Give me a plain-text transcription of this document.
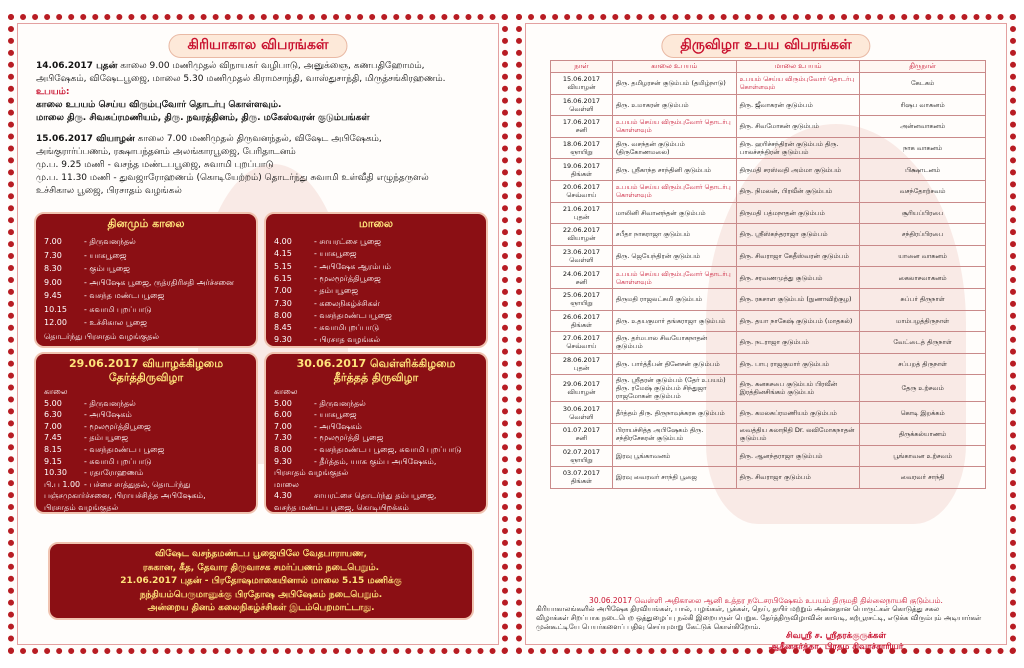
கிரியாகால விபரங்கள்
14.06.2017 புதன் காலை 9.00 மணிமுதல் விநாயகர் வழிபாடு, அனுக்ஞை, கணபதிஹோமம்,
அபிஷேகம், விஷேடபூஜை, மாலை 5.30 மணிமுதல் கிராமசாந்தி, வாஸ்துசாந்தி, மிருத்சங்கிரஹணம்.
உபயம்:
காலை உபயம் செய்ய விரும்புவோர் தொடர்பு கொள்ளவும்.
மாலை திரு. சிவசுப்ரமணியம், திரு. நவரத்தினம், திரு. மகேஸ்வரன் குடும்பங்கள்
15.06.2017 வியாழன் காலை 7.00 மணிமுதல் திருவனந்தல், விஷேட அபிஷேகம்,
அங்குரார்ப்பணம், ரக்ஷாபந்தனம் அலங்காரபூஜை, பேரிதாடனம்
மு.ப. 9.25 மணி - வசந்த மண்டபபூஜை, சுவாமி புறப்பாடு
மு.ப. 11.30 மணி - துவஜாரோஹணம் (கொடியேற்றம்) தொடர்ந்து சுவாமி உள்வீதி எழுந்தருளல்
உச்சிகால பூஜை, பிரசாதம் வழங்கல்
தினமும் காலை
7.00	- திருவனந்தல்
7.30	- யாகபூஜை
8.30	- கும்பபூஜை
9.00	- அபிஷேக பூஜை, ருத்ரதிரிசதி அர்ச்சனை
9.45	- வசந்த மண்டபபூஜை
10.15 - சுவாமி புறப்பாடு
12.00 - உச்சிகால பூஜை
தொடர்ந்து பிரசாதம் வழங்குதல்
மாலை
4.00	- சாயரட்சை பூஜை
4.15	- யாகபூஜை
5.15	- அபிஷேக ஆரம்பம்
6.15	- மூலமூர்த்திபூஜை
7.00	- தம்பபூஜை
7.30	- கலைநிகழ்ச்சிகள்
8.00	- வசந்தமண்டபபூஜை
8.45	- சுவாமிபுறப்பாடு
9.30	- பிரசாத வழங்கல்
29.06.2017 வியாழக்கிழமை
தேர்த்திருவிழா
காலை
5.00	- திருவனந்தல்
6.30	- அபிஷேகம்
7.00	- மூலமூர்த்திபூஜை
7.45	- தம்பபூஜை
8.15	- வசந்தமண்டப பூஜை
9.15	- சுவாமி புறப்பாடு
10.30 - ரதாரோஹணம்
பி.ப 1.00 - பச்சை சாத்துதல், தொடர்ந்து
பஞ்சமுகார்ச்சனை, பிராயச்சித்த அபிஷேகம்,
பிரசாதம் வழங்குதல்
30.06.2017 வெள்ளிக்கிழமை
தீர்த்தத் திருவிழா
காலை
5.00	- திருவனந்தல்
6.00	- யாகபூஜை
7.00	- அபிஷேகம்
7.30	- மூலமூர்த்தி பூஜை
8.00	- வசந்தமண்டப பூஜை, சுவாமி புறப்பாடு
9.30	- தீர்த்தம், யாக கும்ப அபிஷேகம்,
பிரசாதம் வழங்குதல்
மாலை
4.30	சாயரட்சை தொடர்ந்து தம்பபூஜை,
வசந்த மண்டப பூஜை, கொடியிறக்கம்
விஷேட வசந்தமண்டப பூஜையிலே வேதபாராயண,
ரசுகான, கீத, தேவார திருவாசக சமர்ப்பணம் நடைபெறும்.
21.06.2017 புதன் - பிரதோஷமாகையினால் மாலை 5.15 மணிக்கு
நந்தியம்பெருமானுக்கு பிரதோஷ அபிஷேகம் நடைபெறும்.
அன்றைய தினம் கலைநிகழ்ச்சிகள் இடம்பெறமாட்டாது.
திருவிழா உபய விபரங்கள்
நாள்	காலை உபயம்	மாலை உபயம்	திருநாள்

15.06.2017
வியாழன்	திரு. தமிழரசன் குடும்பம் (தமிழ்நாடு)	உபயம் செய்ய விரும்புவோர் தொடர்பு கொள்ளவும்	கேடகம்

16.06.2017
வெள்ளி	திரு. உமாகரன் குடும்பம்	திரு. ஜீவாகரன் குடும்பம்	ரிஷப வாகனம்

17.06.2017
சனி	உபயம் செய்ய விரும்புவோர் தொடர்பு கொள்ளவும்	திரு. சிவமோகன் குடும்பம்	அன்னவாகனம்

18.06.2017
ஞாயிறு	திரு. வசந்தன் குடும்பம் (திருகோணமலை)	திரு. ஹரிச்சந்திரன் குடும்பம் திரு. பாலச்சந்திரன் குடும்பம்	நாக வாகனம்

19.06.2017
திங்கள்	திரு. ஸ்ரீகாந்த சாந்தினி குடும்பம்	திருமதி சரஸ்வதி அம்மா குடும்பம்	பிக்ஷாடனம்

20.06.2017
செவ்வாய்	உபயம் செய்ய விரும்புவோர் தொடர்பு கொள்ளவும்	திரு. நிமலன், பிரவீன் குடும்பம்	வசந்தோற்சவம்

21.06.2017
புதன்	மாலினி சிவானந்தன் குடும்பம்	திருமதி பத்மநாதன் குடும்பம்	சூரியப்பிரபை

22.06.2017
வியாழன்	சபீதா நாகராஜா குடும்பம்	திரு. ஸ்ரீஸ்கந்தராஜா குடும்பம்	சந்திரப்பிரபை

23.06.2017
வெள்ளி	திரு. ஜெயேந்திரன் குடும்பம்	திரு. சிவராஜா கேதீஸ்வரன் குடும்பம்	யானை வாகனம்

24.06.2017
சனி	உபயம் செய்ய விரும்புவோர் தொடர்பு கொள்ளவும்	திரு. சரவணமுத்து குடும்பம்	கைலாசவாகனம்

25.06.2017
ஞாயிறு	திருமதி ராஜலட்சுமி குடும்பம்	திரு. ரகசாள குடும்பம் (நுணாவிற்குழ)	சுப்பர் திருநாள்

26.06.2017
திங்கள்	திரு. உதயகுமார் தங்கராஜா குடும்பம்	திரு. தயா நாகேஷ் குடும்பம் (மாதகல்)	மாம்பழத்திருநாள்

27.06.2017
செவ்வாய்	திரு. தர்மபால சிவயோகநாதன் குடும்பம்	திரு. நடராஜா குடும்பம்	வேட்டைத் திருநாள்

28.06.2017
புதன்	திரு. பார்த்தீபன் தினேசன் குடும்பம்	திரு. பாபு ராஜகுமார் குடும்பம்	சப்பறத் திருநாள்

29.06.2017
வியாழன்	திரு. ஸ்ரீதரன் குடும்பம் (தேர் உபயம்) திரு. ரமேஷ் குடும்பம் சிந்துஜா ராஜமோகன் குடும்பம்	திரு. கனகசபை குடும்பம் பிரவீன் இரத்தினசிங்கம் குடும்பம்	தேரு உற்சவம்

30.06.2017
வெள்ளி	தீர்த்தம் திரு. திருநாவுக்கரசு குடும்பம்	திரு. கமலசுப்ரமணியம் குடும்பம்	கொடி இறக்கம்

01.07.2017
சனி	பிராயச்சித்த அபிஷேகம் திரு. சந்திரசேகரன் குடும்பம்	வைத்திய கலாநிதி Dr. லவிமோகநாதன் குடும்பம்	திருக்கல்யாணம்

02.07.2017
ஞாயிறு	இரவு பூங்காவனம்	திரு. ஆனந்தராஜா குடும்பம்	பூங்காவன உற்சவம்

03.07.2017
திங்கள்	இரவு வைரவர் சாந்தி பூஜை	திரு. சிவராஜா குடும்பம்	வைரவர் சாந்தி
30.06.2017 வெள்ளி அதிகாலை ஆனி உத்தர நடேசரபிஷேகம் உபயம் திருமதி தில்லைநாயகி குடும்பம்.
கிரியாகாலங்களில் அபிஷேக திரவியங்கள், பால், பழங்கள், பூக்கள், நெய், தயிர் மற்றும் அன்னதான பொருட்கள் கொடுத்து சகல
விழாக்கள் சிறப்பாக நடைபெற ஒத்துழைப்பு நல்கி இறையருள் பெறுக. தேர்த்திருவிழாவின் காவடி, கற்பூரசட்டி, எடுக்க விரும்பும் அடியார்கள்
முன்கூட்டியே பெயர்களைப் பதிவு செய்யுமாறு கேட்டுக் கொள்கிறோம்.
சிவஸ்ரீ ச. ஸ்ரீதரக்குருக்கள்
ஆதீனகர்த்தா, பிரதம சிவாச்சாரியர்
